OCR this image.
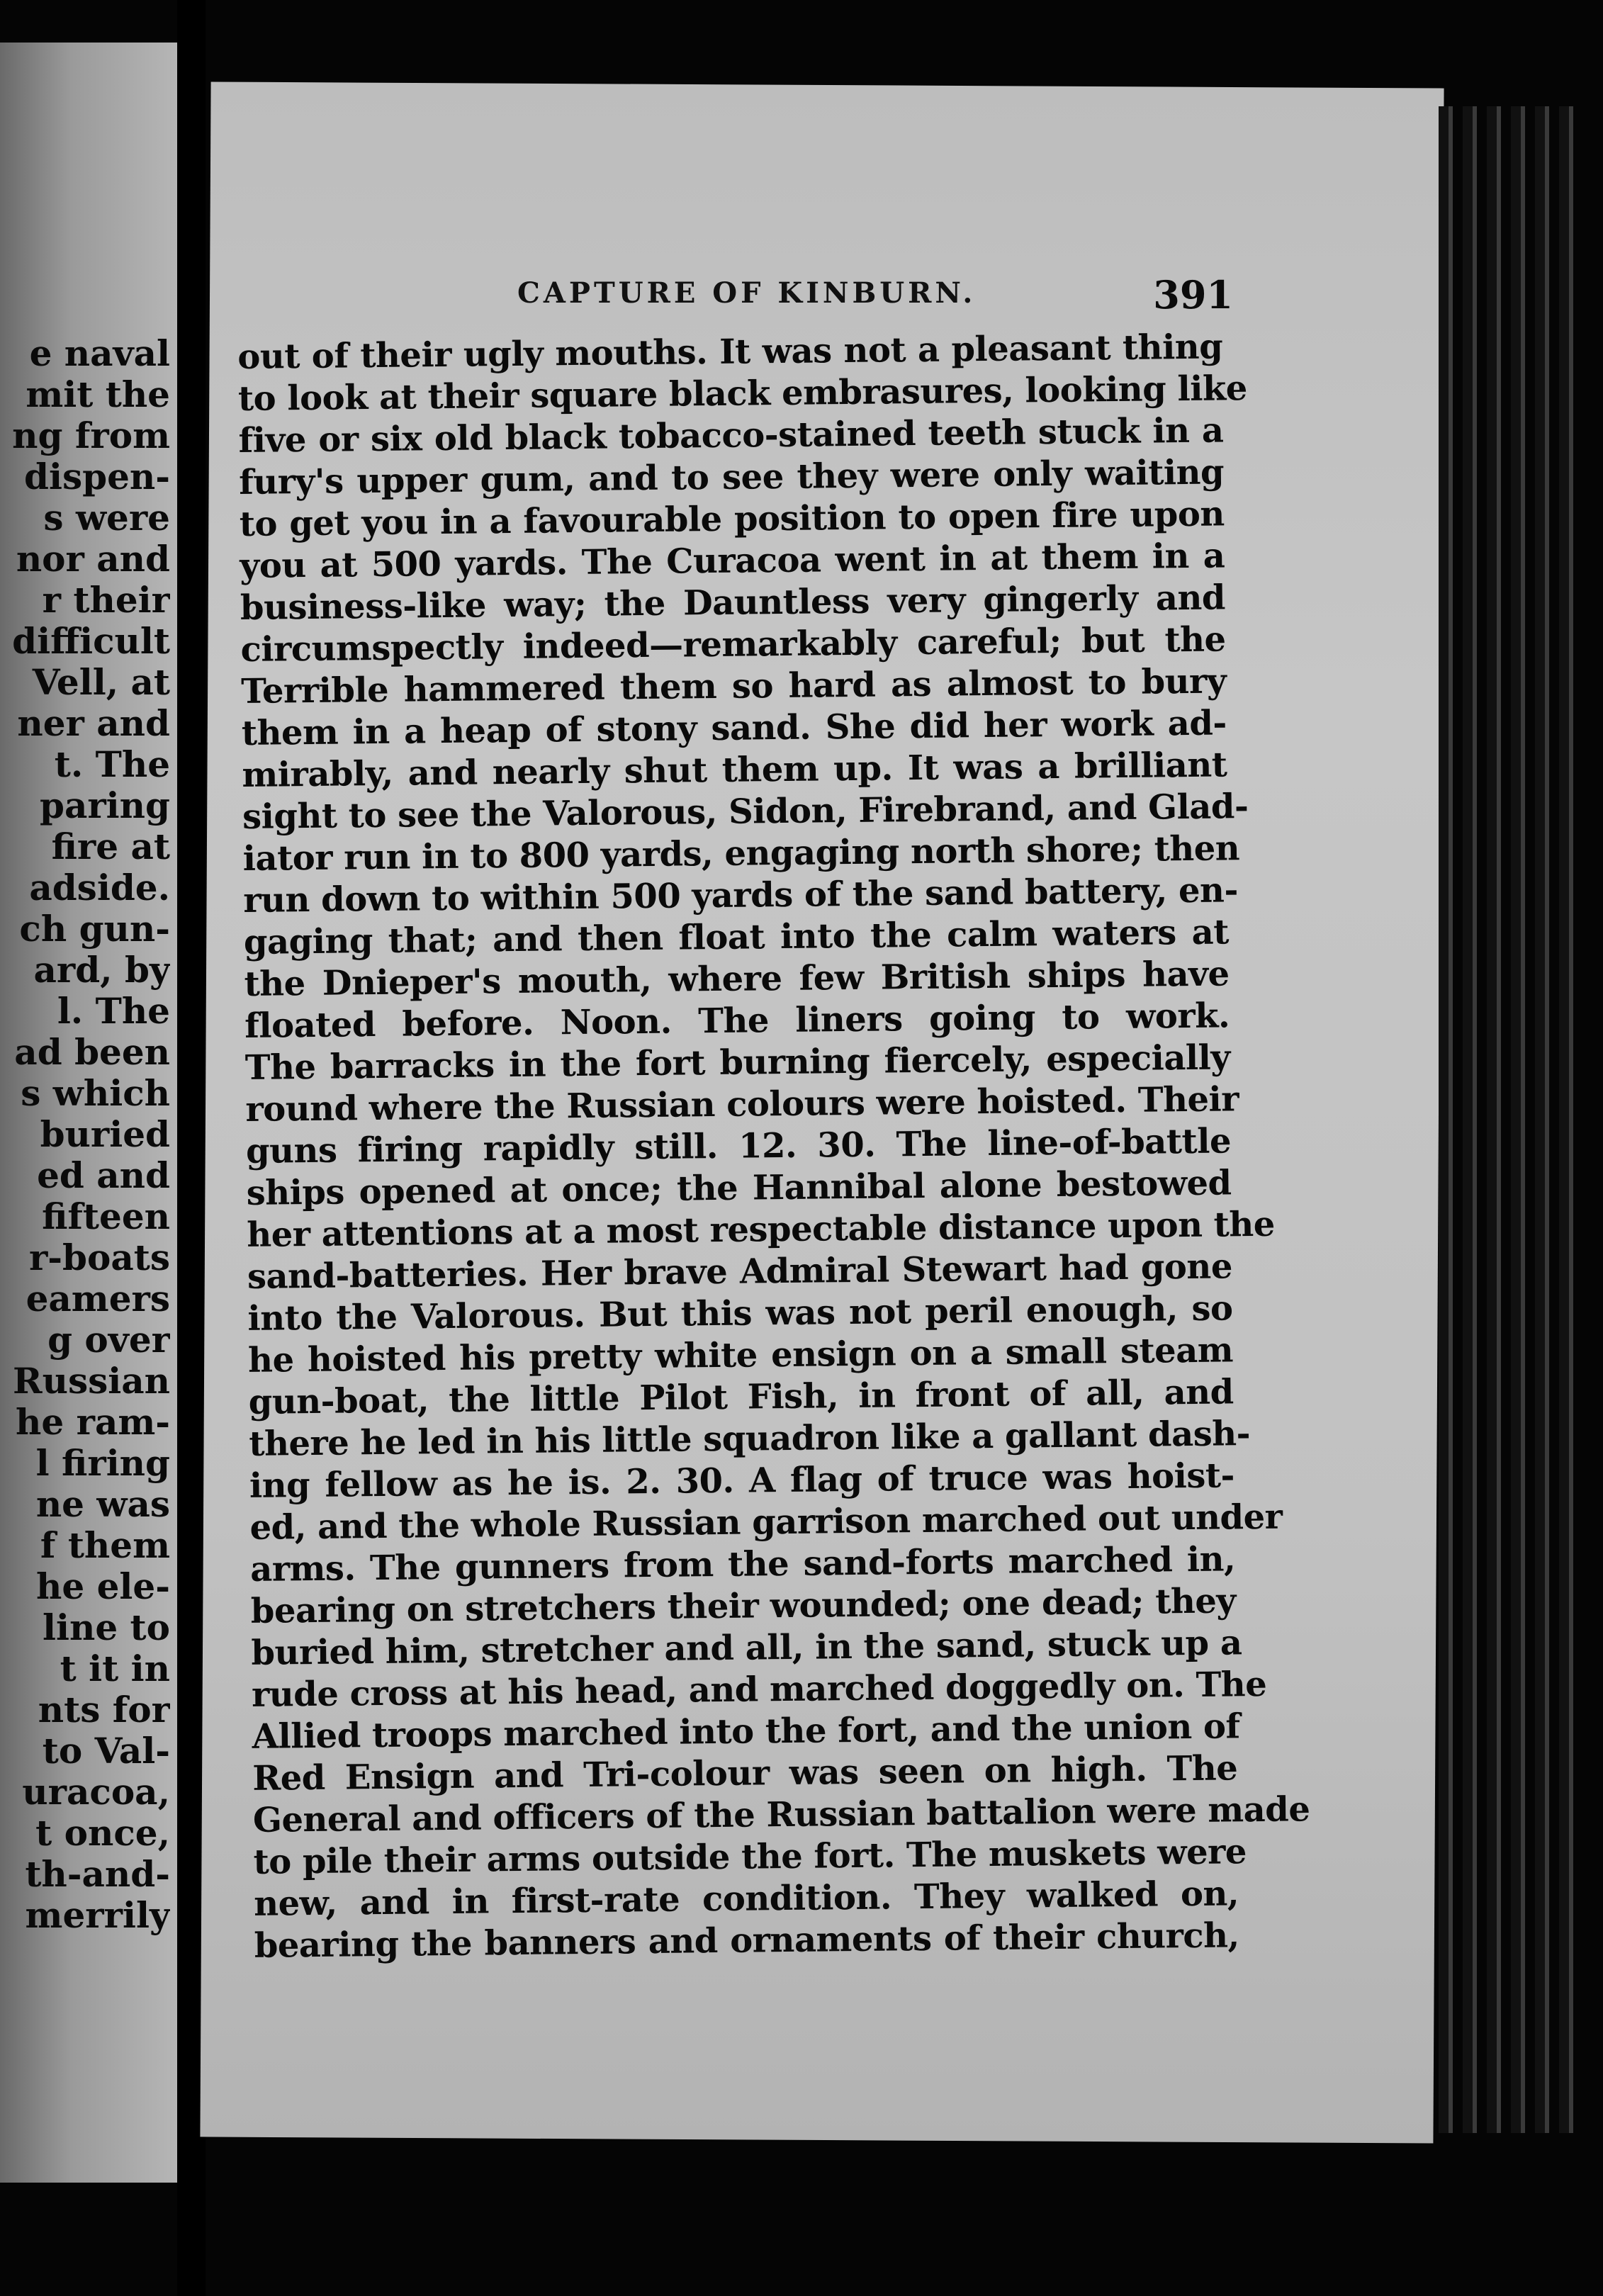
e naval
mit the
ng from
dispen-
s were
nor and
r their
difficult
Vell, at
ner and
t. The
paring
fire at
adside.
ch gun-
ard, by
l. The
ad been
s which
buried
ed and
fifteen
r-boats
eamers
g over
Russian
he ram-
l firing
ne was
f them
he ele-
line to
t it in
nts for
to Val-
uracoa,
t once,
th-and-
merrily
CAPTURE OF KINBURN.	391
out of their ugly mouths. It was not a pleasant thing
to look at their square black embrasures, looking like
five or six old black tobacco-stained teeth stuck in a
fury's upper gum, and to see they were only waiting
to get you in a favourable position to open fire upon
you at 500 yards. The Curacoa went in at them in a
business-like way; the Dauntless very gingerly and
circumspectly indeed—remarkably careful; but the
Terrible hammered them so hard as almost to bury
them in a heap of stony sand. She did her work ad-
mirably, and nearly shut them up. It was a brilliant
sight to see the Valorous, Sidon, Firebrand, and Glad-
iator run in to 800 yards, engaging north shore; then
run down to within 500 yards of the sand battery, en-
gaging that; and then float into the calm waters at
the Dnieper's mouth, where few British ships have
floated before. Noon. The liners going to work.
The barracks in the fort burning fiercely, especially
round where the Russian colours were hoisted. Their
guns firing rapidly still. 12. 30. The line-of-battle
ships opened at once; the Hannibal alone bestowed
her attentions at a most respectable distance upon the
sand-batteries. Her brave Admiral Stewart had gone
into the Valorous. But this was not peril enough, so
he hoisted his pretty white ensign on a small steam
gun-boat, the little Pilot Fish, in front of all, and
there he led in his little squadron like a gallant dash-
ing fellow as he is. 2. 30. A flag of truce was hoist-
ed, and the whole Russian garrison marched out under
arms. The gunners from the sand-forts marched in,
bearing on stretchers their wounded; one dead; they
buried him, stretcher and all, in the sand, stuck up a
rude cross at his head, and marched doggedly on. The
Allied troops marched into the fort, and the union of
Red Ensign and Tri-colour was seen on high. The
General and officers of the Russian battalion were made
to pile their arms outside the fort. The muskets were
new, and in first-rate condition. They walked on,
bearing the banners and ornaments of their church,
